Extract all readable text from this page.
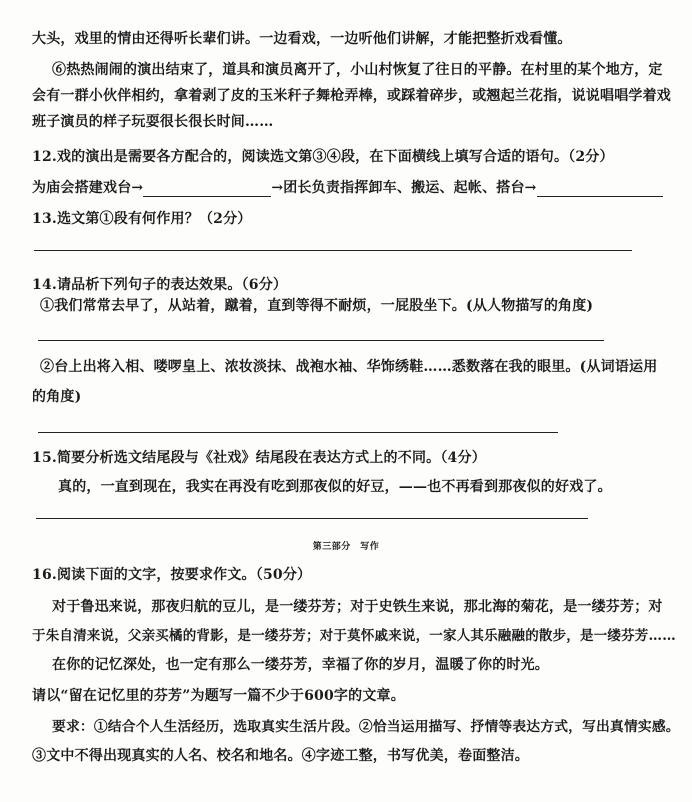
大头，戏里的情由还得听长辈们讲。一边看戏，一边听他们讲解，才能把整折戏看懂。
⑥热热闹闹的演出结束了，道具和演员离开了，小山村恢复了往日的平静。在村里的某个地方，定
会有一群小伙伴相约，拿着剥了皮的玉米秆子舞枪弄棒，或踩着碎步，或翘起兰花指，说说唱唱学着戏
班子演员的样子玩耍很长很长时间……
12.戏的演出是需要各方配合的，阅读选文第③④段，在下面横线上填写合适的语句。（2分）
为庙会搭建戏台→	→团长负责指挥卸车、搬运、起帐、搭台→
13.选文第①段有何作用？（2分）
14.请品析下列句子的表达效果。（6分）
①我们常常去早了，从站着，蹴着，直到等得不耐烦，一屁股坐下。(从人物描写的角度)
②台上出将入相、喽啰皇上、浓妆淡抹、战袍水袖、华饰绣鞋……悉数落在我的眼里。(从词语运用
的角度)
15.简要分析选文结尾段与《社戏》结尾段在表达方式上的不同。（4分）
真的，一直到现在，我实在再没有吃到那夜似的好豆，——也不再看到那夜似的好戏了。
第三部分　写作
16.阅读下面的文字，按要求作文。（50分）
对于鲁迅来说，那夜归航的豆儿，是一缕芬芳；对于史铁生来说，那北海的菊花，是一缕芬芳；对
于朱自清来说，父亲买橘的背影，是一缕芬芳；对于莫怀戚来说，一家人其乐融融的散步，是一缕芬芳……
在你的记忆深处，也一定有那么一缕芬芳，幸福了你的岁月，温暖了你的时光。
请以“留在记忆里的芬芳”为题写一篇不少于600字的文章。
要求：①结合个人生活经历，选取真实生活片段。②恰当运用描写、抒情等表达方式，写出真情实感。
③文中不得出现真实的人名、校名和地名。④字迹工整，书写优美，卷面整洁。
